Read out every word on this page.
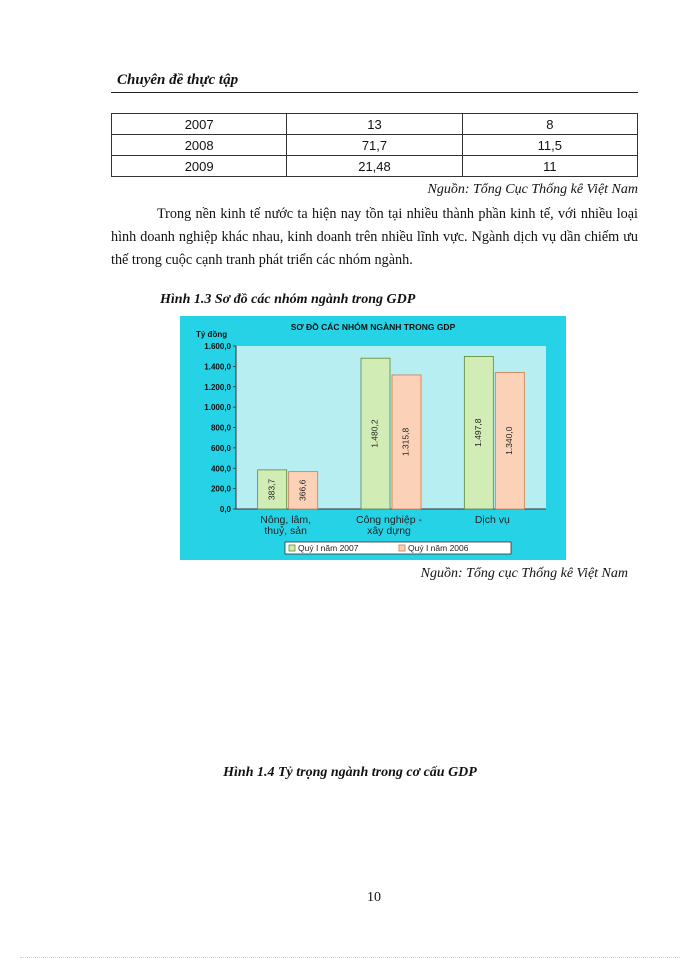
Chuyên đề thực tập
2007	13	8
2008	71,7	11,5
2009	21,48	11
Nguồn: Tổng Cục Thống kê Việt Nam

Trong nền kinh tế nước ta hiện nay tồn tại nhiều thành phần kinh tế, với nhiều loại hình doanh nghiệp khác nhau, kinh doanh trên nhiều lĩnh vực. Ngành dịch vụ dần chiếm ưu thế trong cuộc cạnh tranh phát triển các nhóm ngành.

Hình 1.3 Sơ đồ các nhóm ngành trong GDP
SƠ ĐỒ CÁC NHÓM NGÀNH TRONG GDP
Tỷ đồng
0,0
200,0
400,0
600,0
800,0
1.000,0
1.200,0
1.400,0
1.600,0
383,7 366,6
Nông, lâm,
thuỷ, sản
1.480,2 1.315,8
Công nghiệp -
xây dựng
1.497,8 1.340,0
Dịch vụ
Quý I năm 2007	Quý I năm 2006
Nguồn: Tổng cục Thống kê Việt Nam
Hình 1.4 Tỷ trọng ngành trong cơ cấu GDP
10
